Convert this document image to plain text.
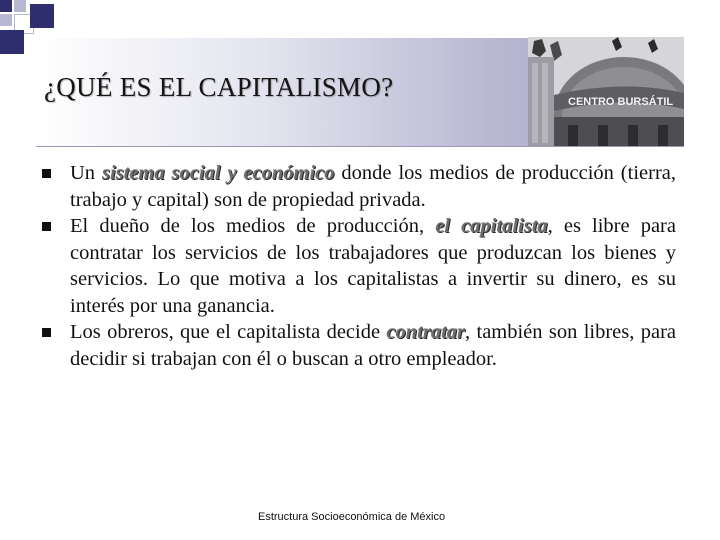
¿QUÉ ES EL CAPITALISMO?	CENTRO BURSÁTIL
Un sistema social y económico donde los medios de producción (tierra, trabajo y capital) son de propiedad privada.
El dueño de los medios de producción, el capitalista, es libre para contratar los servicios de los trabajadores que produzcan los bienes y servicios. Lo que motiva a los capitalistas a invertir su dinero, es su interés por una ganancia.
Los obreros, que el capitalista decide contratar, también son libres, para decidir si trabajan con él o buscan a otro empleador.
Estructura Socioeconómica de México
